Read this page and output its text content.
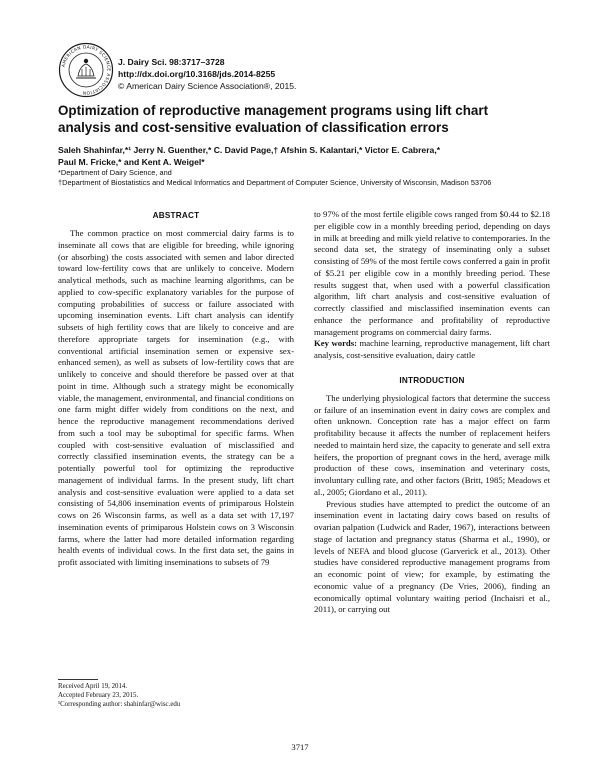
AMERICAN DAIRY SCIENCE ASSOCIATION
J. Dairy Sci. 98:3717–3728
http://dx.doi.org/10.3168/jds.2014-8255
© American Dairy Science Association®, 2015.
Optimization of reproductive management programs using lift chart analysis and cost-sensitive evaluation of classification errors
Saleh Shahinfar,*¹ Jerry N. Guenther,* C. David Page,† Afshin S. Kalantari,* Victor E. Cabrera,*
Paul M. Fricke,* and Kent A. Weigel*
*Department of Dairy Science, and
†Department of Biostatistics and Medical Informatics and Department of Computer Science, University of Wisconsin, Madison 53706
ABSTRACT

The common practice on most commercial dairy farms is to inseminate all cows that are eligible for breeding, while ignoring (or absorbing) the costs associated with semen and labor directed toward low-fertility cows that are unlikely to conceive. Modern analytical methods, such as machine learning algorithms, can be applied to cow-specific explanatory variables for the purpose of computing probabilities of success or failure associated with upcoming insemination events. Lift chart analysis can identify subsets of high fertility cows that are likely to conceive and are therefore appropriate targets for insemination (e.g., with conventional artificial insemination semen or expensive sex-enhanced semen), as well as subsets of low-fertility cows that are unlikely to conceive and should therefore be passed over at that point in time. Although such a strategy might be economically viable, the management, environmental, and financial conditions on one farm might differ widely from conditions on the next, and hence the reproductive management recommendations derived from such a tool may be suboptimal for specific farms. When coupled with cost-sensitive evaluation of misclassified and correctly classified insemination events, the strategy can be a potentially powerful tool for optimizing the reproductive management of individual farms. In the present study, lift chart analysis and cost-sensitive evaluation were applied to a data set consisting of 54,806 insemination events of primiparous Holstein cows on 26 Wisconsin farms, as well as a data set with 17,197 insemination events of primiparous Holstein cows on 3 Wisconsin farms, where the latter had more detailed information regarding health events of individual cows. In the first data set, the gains in profit associated with limiting inseminations to subsets of 79

to 97% of the most fertile eligible cows ranged from $0.44 to $2.18 per eligible cow in a monthly breeding period, depending on days in milk at breeding and milk yield relative to contemporaries. In the second data set, the strategy of inseminating only a subset consisting of 59% of the most fertile cows conferred a gain in profit of $5.21 per eligible cow in a monthly breeding period. These results suggest that, when used with a powerful classification algorithm, lift chart analysis and cost-sensitive evaluation of correctly classified and misclassified insemination events can enhance the performance and profitability of reproductive management programs on commercial dairy farms.

Key words: machine learning, reproductive management, lift chart analysis, cost-sensitive evaluation, dairy cattle

INTRODUCTION

The underlying physiological factors that determine the success or failure of an insemination event in dairy cows are complex and often unknown. Conception rate has a major effect on farm profitability because it affects the number of replacement heifers needed to maintain herd size, the capacity to generate and sell extra heifers, the proportion of pregnant cows in the herd, average milk production of these cows, insemination and veterinary costs, involuntary culling rate, and other factors (Britt, 1985; Meadows et al., 2005; Giordano et al., 2011).

Previous studies have attempted to predict the outcome of an insemination event in lactating dairy cows based on results of ovarian palpation (Ludwick and Rader, 1967), interactions between stage of lactation and pregnancy status (Sharma et al., 1990), or levels of NEFA and blood glucose (Garverick et al., 2013). Other studies have considered reproductive management programs from an economic point of view; for example, by estimating the economic value of a pregnancy (De Vries, 2006), finding an economically optimal voluntary waiting period (Inchaisri et al., 2011), or carrying out

Received April 19, 2014.
Accepted February 23, 2015.
¹Corresponding author: shahinfar@wisc.edu
3717
